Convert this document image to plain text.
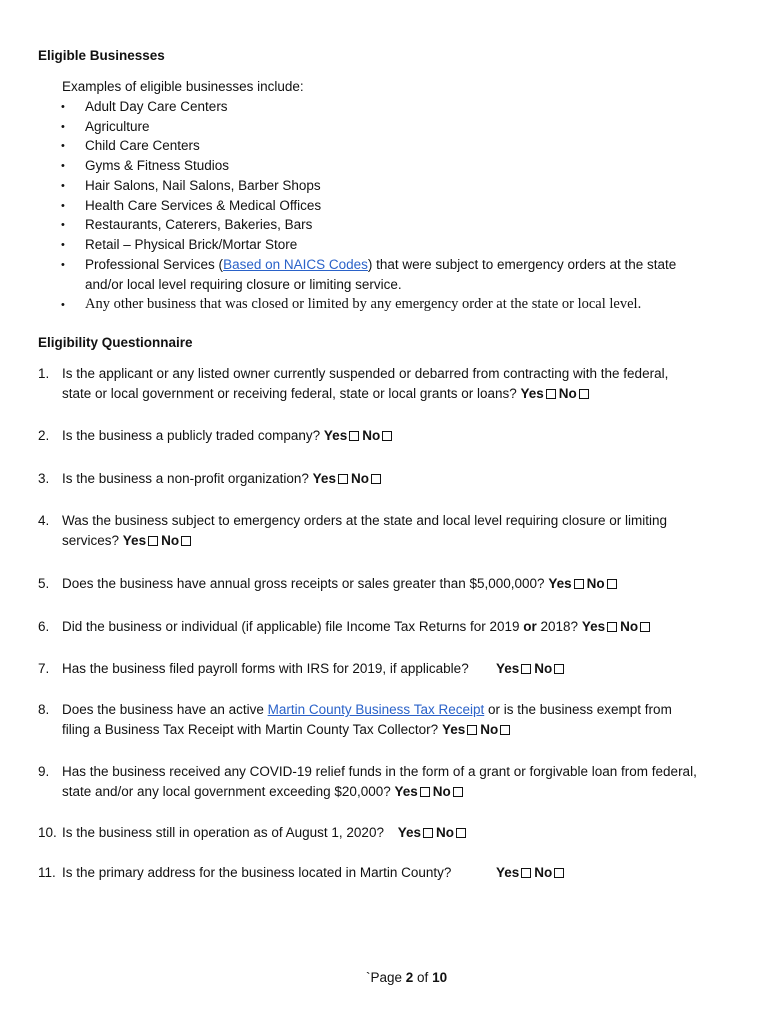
Eligible Businesses
Examples of eligible businesses include:
• Adult Day Care Centers
• Agriculture
• Child Care Centers
• Gyms & Fitness Studios
• Hair Salons, Nail Salons, Barber Shops
• Health Care Services & Medical Offices
• Restaurants, Caterers, Bakeries, Bars
• Retail – Physical Brick/Mortar Store
• Professional Services (Based on NAICS Codes) that were subject to emergency orders at the state
and/or local level requiring closure or limiting service.
• Any other business that was closed or limited by any emergency order at the state or local level.
Eligibility Questionnaire
1. Is the applicant or any listed owner currently suspended or debarred from contracting with the federal,
state or local government or receiving federal, state or local grants or loans? Yes No
2. Is the business a publicly traded company? Yes No
3. Is the business a non-profit organization? Yes No
4. Was the business subject to emergency orders at the state and local level requiring closure or limiting
services? Yes No
5. Does the business have annual gross receipts or sales greater than $5,000,000? Yes No
6. Did the business or individual (if applicable) file Income Tax Returns for 2019 or 2018? Yes No
7. Has the business filed payroll forms with IRS for 2019, if applicable? Yes No
8. Does the business have an active Martin County Business Tax Receipt or is the business exempt from
filing a Business Tax Receipt with Martin County Tax Collector? Yes No
9. Has the business received any COVID-19 relief funds in the form of a grant or forgivable loan from federal,
state and/or any local government exceeding $20,000? Yes No
10. Is the business still in operation as of August 1, 2020? Yes No
11. Is the primary address for the business located in Martin County?	Yes No
`Page 2 of 10
